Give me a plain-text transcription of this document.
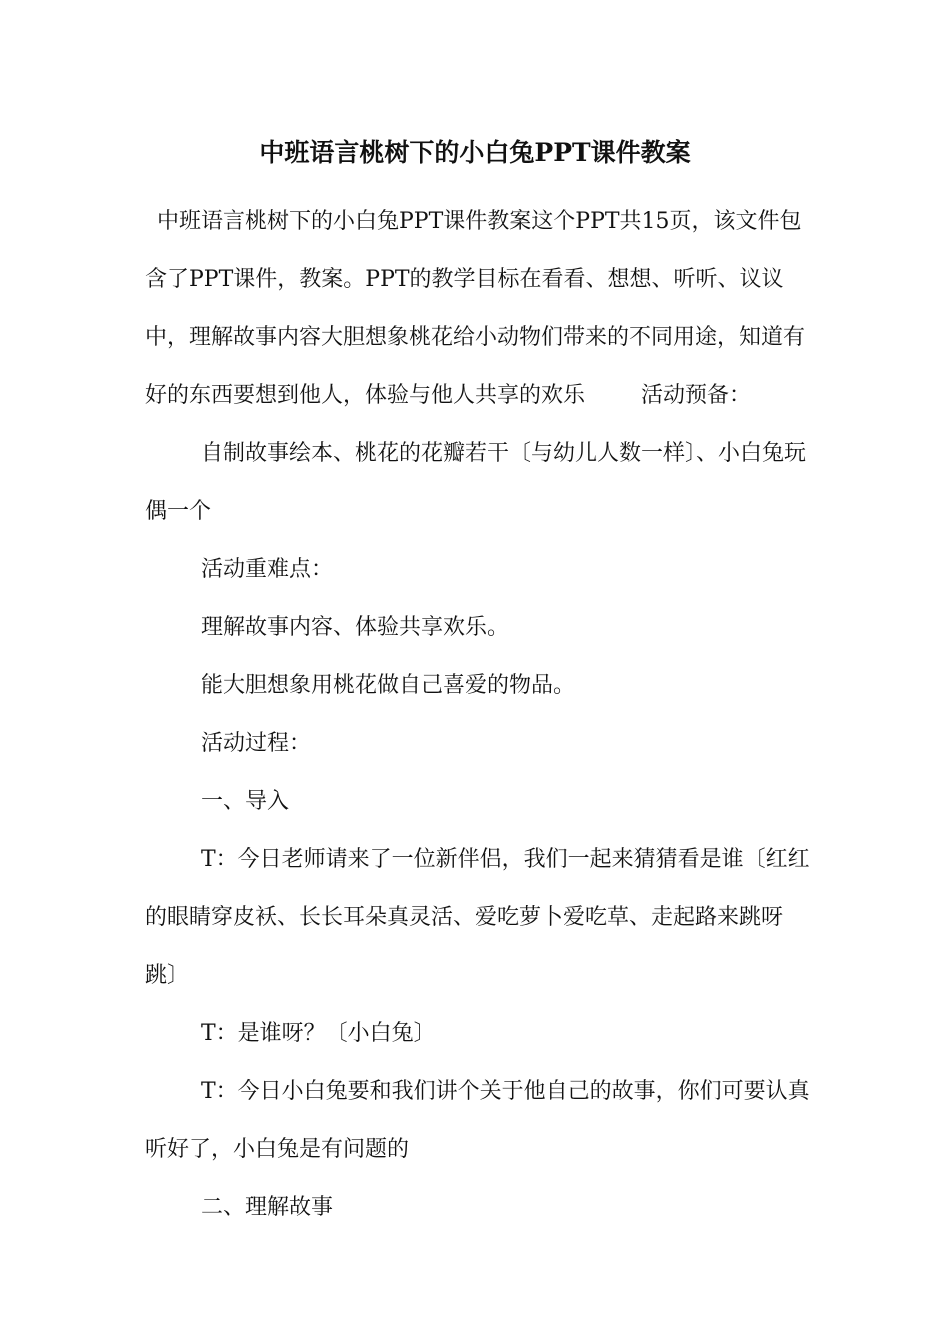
中班语言桃树下的小白兔PPT课件教案

中班语言桃树下的小白兔PPT课件教案这个PPT共15页，该文件包含了PPT课件，教案。PPT的教学目标在看看、想想、听听、议议中，理解故事内容大胆想象桃花给小动物们带来的不同用途，知道有好的东西要想到他人，体验与他人共享的欢乐	活动预备：

自制故事绘本、桃花的花瓣若干〔与幼儿人数一样〕、小白兔玩偶一个

活动重难点：

理解故事内容、体验共享欢乐。

能大胆想象用桃花做自己喜爱的物品。

活动过程：

一、导入

T：今日老师请来了一位新伴侣，我们一起来猜猜看是谁〔红红的眼睛穿皮袄、长长耳朵真灵活、爱吃萝卜爱吃草、走起路来跳呀跳〕

T：是谁呀？〔小白兔〕

T：今日小白兔要和我们讲个关于他自己的故事，你们可要认真听好了，小白兔是有问题的

二、理解故事
